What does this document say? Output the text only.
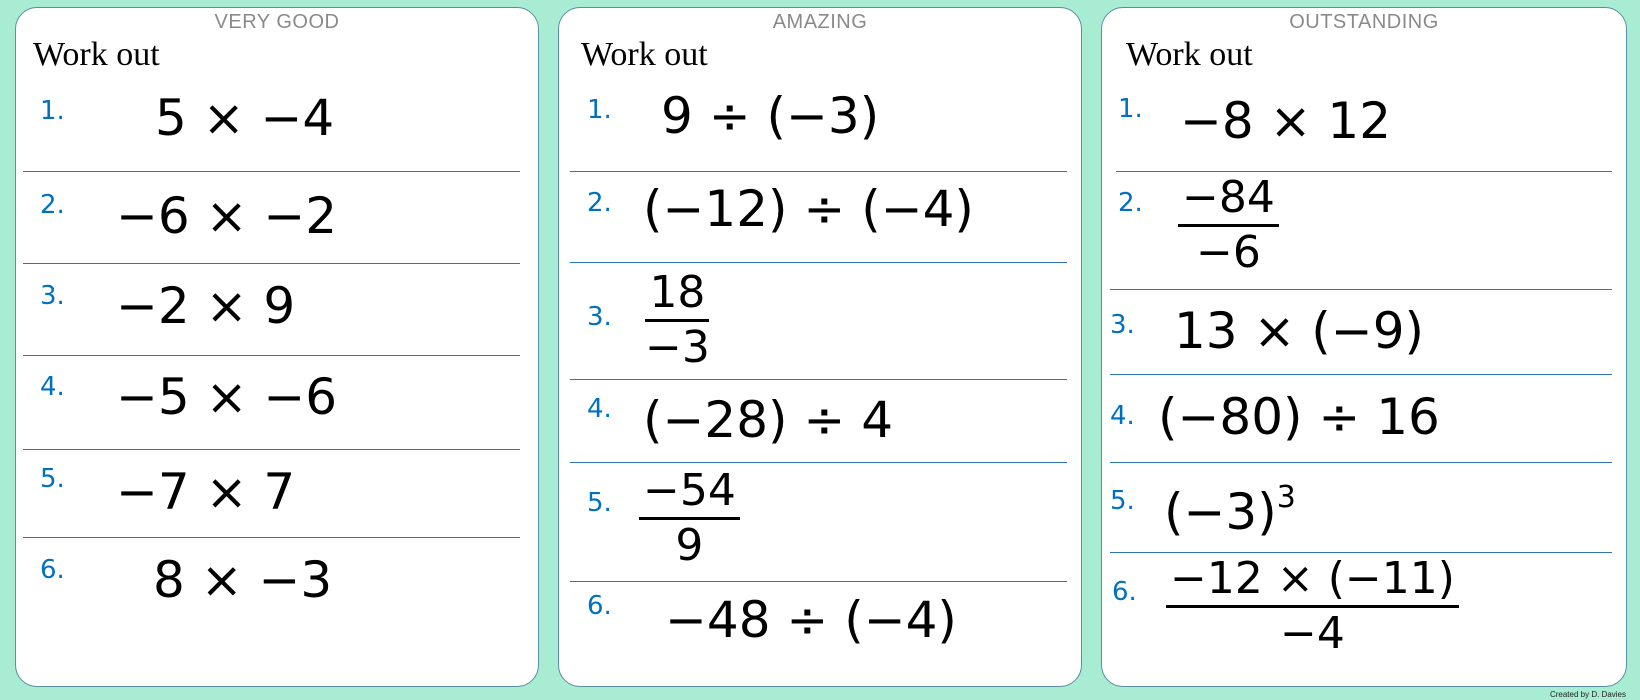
VERY GOOD
Work out
1. 5 × −4
2. −6 × −2
3. −2 × 9
4. −5 × −6
5. −7 × 7
6. 8 × −3
AMAZING
Work out
1. 9 ÷ (−3)
2. (−12) ÷ (−4)
3. $\frac{18}{-3}$
4. (−28) ÷ 4
5. $\frac{-54}{9}$
6. −48 ÷ (−4)
OUTSTANDING
Work out
1. −8 × 12
2. $\frac{-84}{-6}$
3. 13 × (−9)
4. (−80) ÷ 16
5. $(-3)^3$
6. $\frac{-12 \times (-11)}{-4}$
Created by D. Davies
